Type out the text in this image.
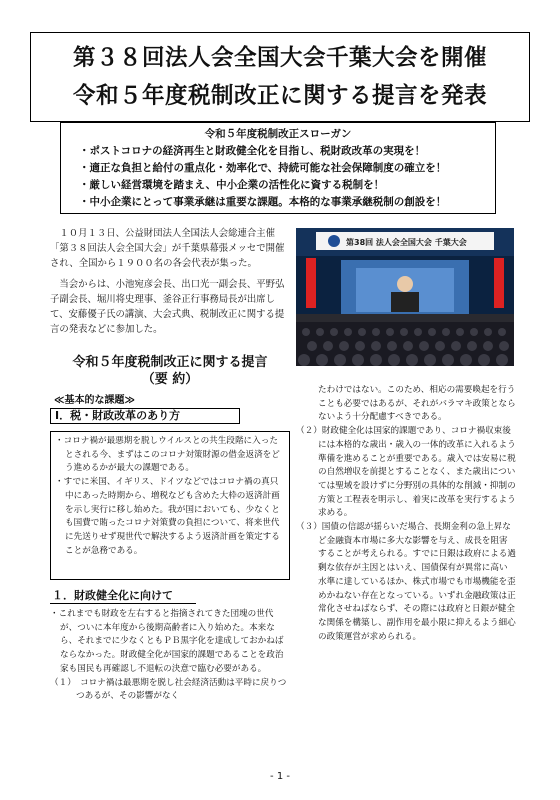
第３８回法人会全国大会千葉大会を開催
令和５年度税制改正に関する提言を発表
令和５年度税制改正スローガン
・ポストコロナの経済再生と財政健全化を目指し、税財政改革の実現を！
・適正な負担と給付の重点化・効率化で、持続可能な社会保障制度の確立を！
・厳しい経営環境を踏まえ、中小企業の活性化に資する税制を！
・中小企業にとって事業承継は重要な課題。本格的な事業承継税制の創設を！

１０月１３日、公益財団法人全国法人会総連合主催「第３８回法人会全国大会」が千葉県幕張メッセで開催され、全国から１９００名の各会代表が集った。

当会からは、小池宛彦会長、出口光一副会長、平野弘子副会長、堀川将史理事、釜谷正行事務局長が出席して、安藤優子氏の講演、大会式典、税制改正に関する提言の発表などに参加した。

第38回 法人会全国大会 千葉大会
令和５年度税制改正に関する提言
（要 約）
≪基本的な課題≫
Ⅰ．税・財政改革のあり方
・コロナ禍が最悪期を脱しウイルスとの共生段階に入ったとされる今、まずはこのコロナ対策財源の借金返済をどう進めるかが最大の課題である。
・すでに米国、イギリス、ドイツなどではコロナ禍の真只中にあった時期から、増税なども含めた大枠の返済計画を示し実行に移し始めた。我が国においても、少なくとも国費で賄ったコロナ対策費の負担について、将来世代に先送りせず現世代で解決するよう返済計画を策定することが急務である。
１．財政健全化に向けて
・これまでも財政を左右すると指摘されてきた団塊の世代が、ついに本年度から後期高齢者に入り始めた。本来なら、それまでに少なくともＰＢ黒字化を達成しておかねばならなかった。財政健全化が国家的課題であることを政治家も国民も再確認し不退転の決意で臨む必要がある。
（１）　コロナ禍は最悪期を脱し社会経済活動は平時に戻りつつあるが、その影響がなく
たわけではない。このため、相応の需要喚起を行うことも必要ではあるが、それがバラマキ政策とならないよう十分配慮すべきである。
（２）財政健全化は国家的課題であり、コロナ禍収束後には本格的な歳出・歳入の一体的改革に入れるよう準備を進めることが重要である。歳入では安易に税の自然増収を前提とすることなく、また歳出については聖域を設けずに分野別の具体的な削減・抑制の方策と工程表を明示し、着実に改革を実行するよう求める。
（３）国債の信認が揺らいだ場合、長期金利の急上昇など金融資本市場に多大な影響を与え、成長を阻害することが考えられる。すでに日銀は政府による過剰な依存が主因とはいえ、国債保有が異常に高い水準に達しているほか、株式市場でも市場機能を歪めかねない存在となっている。いずれ金融政策は正常化させねばならず、その際には政府と日銀が健全な関係を構築し、副作用を最小限に抑えるよう細心の政策運営が求められる。
- 1 -
